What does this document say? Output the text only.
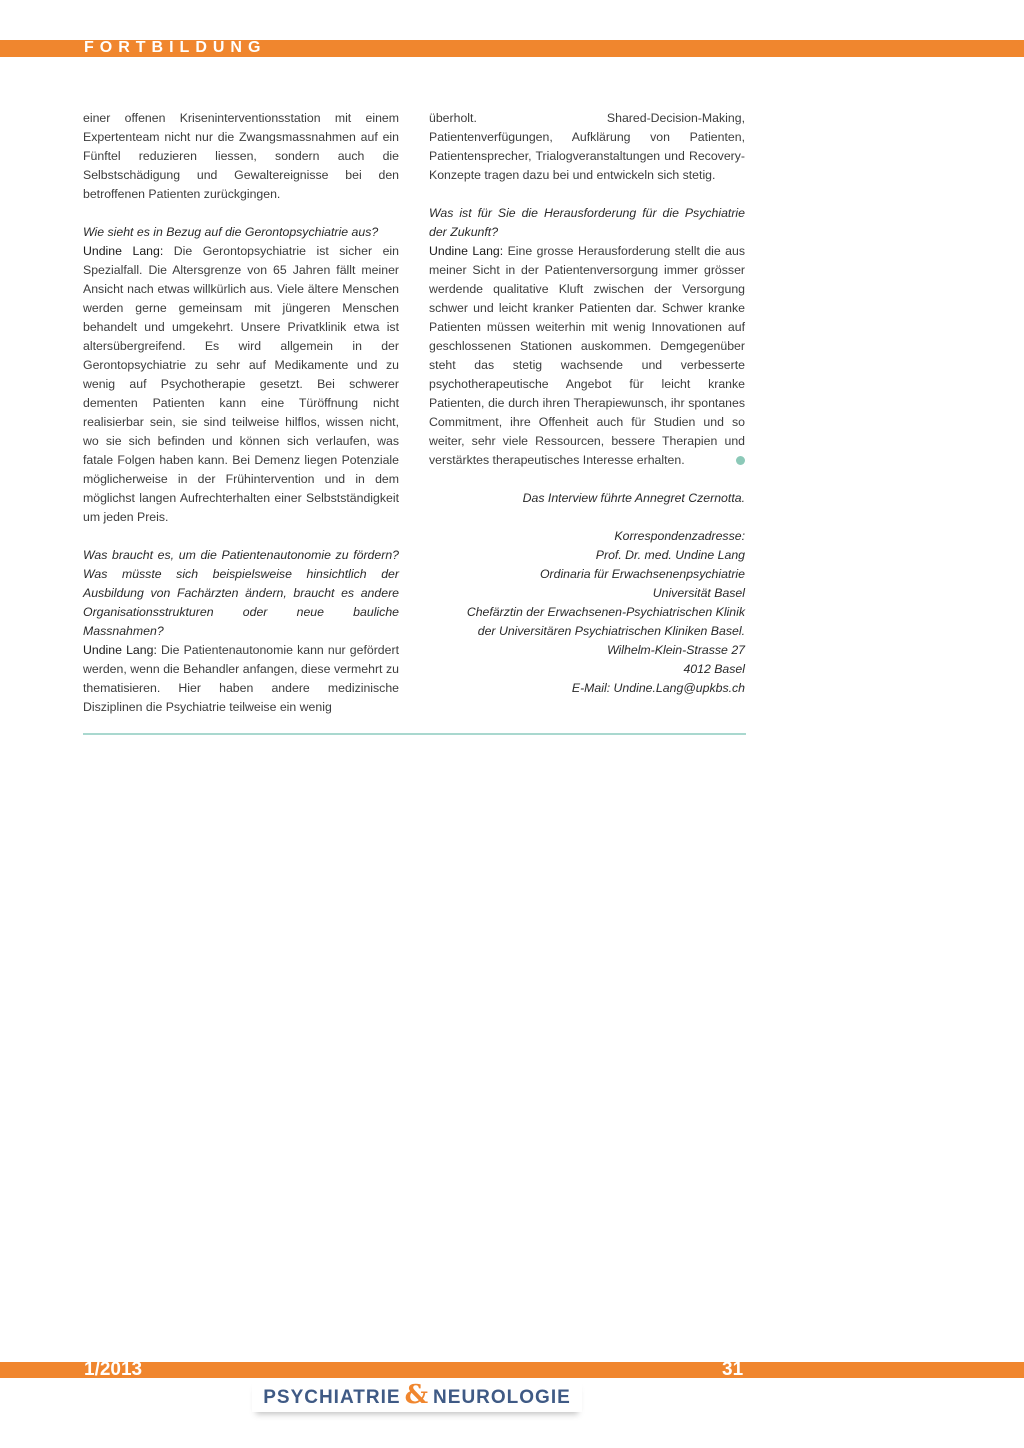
FORTBILDUNG

einer offenen Kriseninterventionsstation mit einem Expertenteam nicht nur die Zwangsmassnahmen auf ein Fünftel reduzieren liessen, sondern auch die Selbstschädigung und Gewaltereignisse bei den betroffenen Patienten zurückgingen.

Wie sieht es in Bezug auf die Gerontopsychiatrie aus?

Undine Lang: Die Gerontopsychiatrie ist sicher ein Spezialfall. Die Altersgrenze von 65 Jahren fällt meiner Ansicht nach etwas willkürlich aus. Viele ältere Menschen werden gerne gemeinsam mit jüngeren Menschen behandelt und umgekehrt. Unsere Privatklinik etwa ist altersübergreifend. Es wird allgemein in der Gerontopsychiatrie zu sehr auf Medikamente und zu wenig auf Psychotherapie gesetzt. Bei schwerer dementen Patienten kann eine Türöffnung nicht realisierbar sein, sie sind teilweise hilflos, wissen nicht, wo sie sich befinden und können sich verlaufen, was fatale Folgen haben kann. Bei Demenz liegen Potenziale möglicherweise in der Frühintervention und in dem möglichst langen Aufrechterhalten einer Selbstständigkeit um jeden Preis.

Was braucht es, um die Patientenautonomie zu fördern? Was müsste sich beispielsweise hinsichtlich der Ausbildung von Fachärzten ändern, braucht es andere Organisationsstrukturen oder neue bauliche Massnahmen?

Undine Lang: Die Patientenautonomie kann nur gefördert werden, wenn die Behandler anfangen, diese vermehrt zu thematisieren. Hier haben andere medizinische Disziplinen die Psychiatrie teilweise ein wenig

überholt. Shared-Decision-Making, Patientenverfügungen, Aufklärung von Patienten, Patientensprecher, Trialogveranstaltungen und Recovery-Konzepte tragen dazu bei und entwickeln sich stetig.

Was ist für Sie die Herausforderung für die Psychiatrie der Zukunft?

Undine Lang: Eine grosse Herausforderung stellt die aus meiner Sicht in der Patientenversorgung immer grösser werdende qualitative Kluft zwischen der Versorgung schwer und leicht kranker Patienten dar. Schwer kranke Patienten müssen weiterhin mit wenig Innovationen auf geschlossenen Stationen auskommen. Demgegenüber steht das stetig wachsende und verbesserte psychotherapeutische Angebot für leicht kranke Patienten, die durch ihren Therapiewunsch, ihr spontanes Commitment, ihre Offenheit auch für Studien und so weiter, sehr viele Ressourcen, bessere Therapien und verstärktes therapeutisches Interesse erhalten.

Das Interview führte Annegret Czernotta.

Korrespondenzadresse:

Prof. Dr. med. Undine Lang

Ordinaria für Erwachsenenpsychiatrie

Universität Basel

Chefärztin der Erwachsenen-Psychiatrischen Klinik

der Universitären Psychiatrischen Kliniken Basel.

Wilhelm-Klein-Strasse 27

4012 Basel

E-Mail: Undine.Lang@upkbs.ch

1/2013	31
PSYCHIATRIE & NEUROLOGIE
